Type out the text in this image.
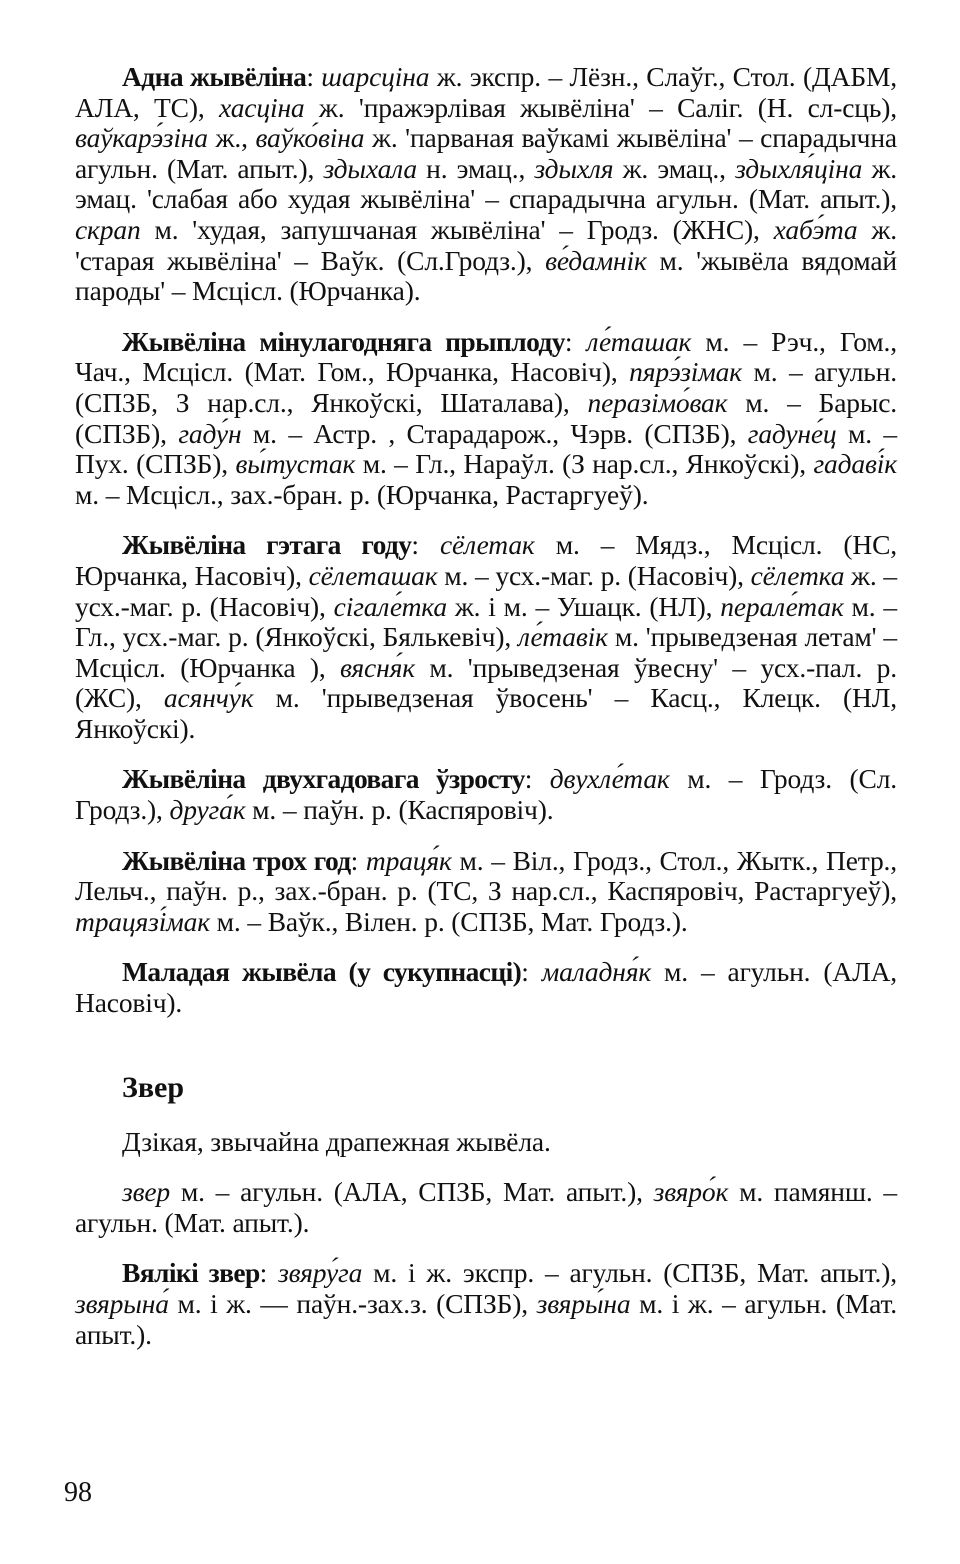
Адна жывёліна: шарсціна ж. экспр. – Лёзн., Слаўг., Стол. (ДАБМ, АЛА, ТС), хасціна ж. 'пражэрлівая жывёліна' – Саліг. (Н. сл-сць), ваўкарэ́зіна ж., ваўко́віна ж. 'парваная ваўкамі жывёліна' – спарадычна агульн. (Мат. апыт.), здыхала н. эмац., здыхля ж. эмац., здыхля́ціна ж. эмац. 'слабая або худая жывёліна' – спарадычна агульн. (Мат. апыт.), скрап м. 'худая, запушчаная жывёліна' – Гродз. (ЖНС), хабэ́та ж. 'старая жывёліна' – Ваўк. (Сл.Гродз.), ве́дамнік м. 'жывёла вядомай пароды' – Мсцісл. (Юрчанка).

Жывёліна мінулагодняга прыплоду: ле́ташак м. – Рэч., Гом., Чач., Мсцісл. (Мат. Гом., Юрчанка, Насовіч), пярэ́зімак м. – агульн. (СПЗБ, З нар.сл., Янкоўскі, Шаталава), перазімо́вак м. – Барыс. (СПЗБ), гаду́н м. – Астр. , Старадарож., Чэрв. (СПЗБ), гадуне́ц м. – Пух. (СПЗБ), вы́тустак м. – Гл., Нараўл. (З нар.сл., Янкоўскі), гадаві́к м. – Мсцісл., зах.-бран. р. (Юрчанка, Растаргуеў).

Жывёліна гэтага году: сёлетак м. – Мядз., Мсцісл. (НС, Юрчанка, Насовіч), сёлеташак м. – усх.-маг. р. (Насовіч), сёлетка ж. – усх.-маг. р. (Насовіч), сігале́тка ж. і м. – Ушацк. (НЛ), перале́так м. – Гл., усх.-маг. р. (Янкоўскі, Бялькевіч), ле́тавік м. 'прыведзеная летам' – Мсцісл. (Юрчанка ), вясня́к м. 'прыведзеная ўвесну' – усх.-пал. р. (ЖС), асянчу́к м. 'прыведзеная ўвосень' – Касц., Клецк. (НЛ, Янкоўскі).

Жывёліна двухгадовага ўзросту: двухле́так м. – Гродз. (Сл. Гродз.), друга́к м. – паўн. р. (Каспяровіч).

Жывёліна трох год: траця́к м. – Віл., Гродз., Стол., Жытк., Петр., Лельч., паўн. р., зах.-бран. р. (ТС, З нар.сл., Каспяровіч, Растаргуеў), трацязі́мак м. – Ваўк., Вілен. р. (СПЗБ, Мат. Гродз.).

Маладая жывёла (у сукупнасці): маладня́к м. – агульн. (АЛА, Насовіч).

Звер

Дзікая, звычайна драпежная жывёла.

звер м. – агульн. (АЛА, СПЗБ, Мат. апыт.), звяро́к м. памянш. – агульн. (Мат. апыт.).

Вялікі звер: звяру́га м. і ж. экспр. – агульн. (СПЗБ, Мат. апыт.), звярына́ м. і ж. — паўн.-зах.з. (СПЗБ), звяры́на м. і ж. – агульн. (Мат. апыт.).

98
